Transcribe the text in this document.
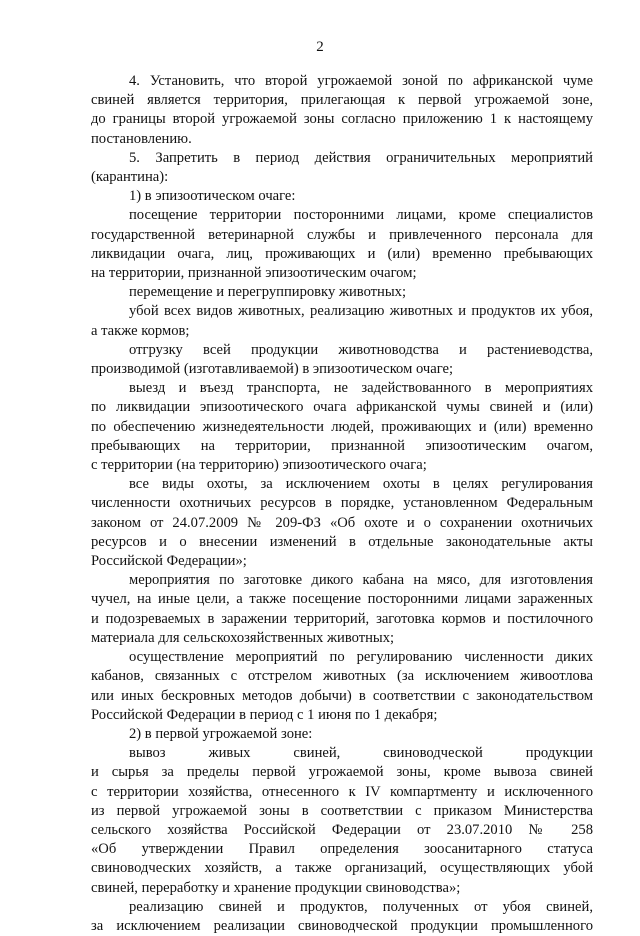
2
4. Установить, что второй угрожаемой зоной по африканской чуме
свиней является территория, прилегающая к первой угрожаемой зоне,
до границы второй угрожаемой зоны согласно приложению 1 к настоящему
постановлению.
5. Запретить в период действия ограничительных мероприятий
(карантина):
1) в эпизоотическом очаге:
посещение территории посторонними лицами, кроме специалистов
государственной ветеринарной службы и привлеченного персонала для
ликвидации очага, лиц, проживающих и (или) временно пребывающих
на территории, признанной эпизоотическим очагом;
перемещение и перегруппировку животных;
убой всех видов животных, реализацию животных и продуктов их убоя,
а также кормов;
отгрузку всей продукции животноводства и растениеводства,
производимой (изготавливаемой) в эпизоотическом очаге;
выезд и въезд транспорта, не задействованного в мероприятиях
по ликвидации эпизоотического очага африканской чумы свиней и (или)
по обеспечению жизнедеятельности людей, проживающих и (или) временно
пребывающих на территории, признанной эпизоотическим очагом,
с территории (на территорию) эпизоотического очага;
все виды охоты, за исключением охоты в целях регулирования
численности охотничьих ресурсов в порядке, установленном Федеральным
законом от 24.07.2009 № 209-ФЗ «Об охоте и о сохранении охотничьих
ресурсов и о внесении изменений в отдельные законодательные акты
Российской Федерации»;
мероприятия по заготовке дикого кабана на мясо, для изготовления
чучел, на иные цели, а также посещение посторонними лицами зараженных
и подозреваемых в заражении территорий, заготовка кормов и постилочного
материала для сельскохозяйственных животных;
осуществление мероприятий по регулированию численности диких
кабанов, связанных с отстрелом животных (за исключением живоотлова
или иных бескровных методов добычи) в соответствии с законодательством
Российской Федерации в период с 1 июня по 1 декабря;
2) в первой угрожаемой зоне:
вывоз живых свиней, свиноводческой продукции
и сырья за пределы первой угрожаемой зоны, кроме вывоза свиней
с территории хозяйства, отнесенного к IV компартменту и исключенного
из первой угрожаемой зоны в соответствии с приказом Министерства
сельского хозяйства Российской Федерации от 23.07.2010 № 258
«Об утверждении Правил определения зоосанитарного статуса
свиноводческих хозяйств, а также организаций, осуществляющих убой
свиней, переработку и хранение продукции свиноводства»;
реализацию свиней и продуктов, полученных от убоя свиней,
за исключением реализации свиноводческой продукции промышленного
